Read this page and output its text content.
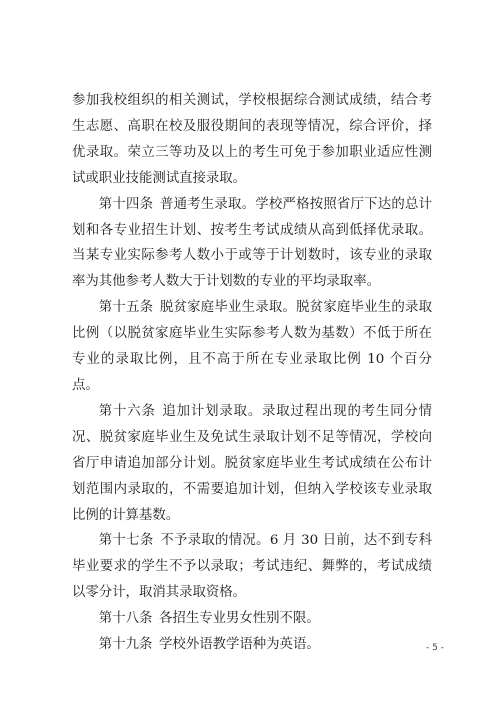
参加我校组织的相关测试，学校根据综合测试成绩，结合考生志愿、高职在校及服役期间的表现等情况，综合评价，择优录取。荣立三等功及以上的考生可免于参加职业适应性测试或职业技能测试直接录取。

第十四条 普通考生录取。学校严格按照省厅下达的总计划和各专业招生计划、按考生考试成绩从高到低择优录取。当某专业实际参考人数小于或等于计划数时，该专业的录取率为其他参考人数大于计划数的专业的平均录取率。

第十五条 脱贫家庭毕业生录取。脱贫家庭毕业生的录取比例（以脱贫家庭毕业生实际参考人数为基数）不低于所在专业的录取比例，且不高于所在专业录取比例 10 个百分点。

第十六条 追加计划录取。录取过程出现的考生同分情况、脱贫家庭毕业生及免试生录取计划不足等情况，学校向省厅申请追加部分计划。脱贫家庭毕业生考试成绩在公布计划范围内录取的，不需要追加计划，但纳入学校该专业录取比例的计算基数。

第十七条 不予录取的情况。6 月 30 日前，达不到专科毕业要求的学生不予以录取；考试违纪、舞弊的，考试成绩以零分计，取消其录取资格。

第十八条 各招生专业男女性别不限。

第十九条 学校外语教学语种为英语。	- 5 -
